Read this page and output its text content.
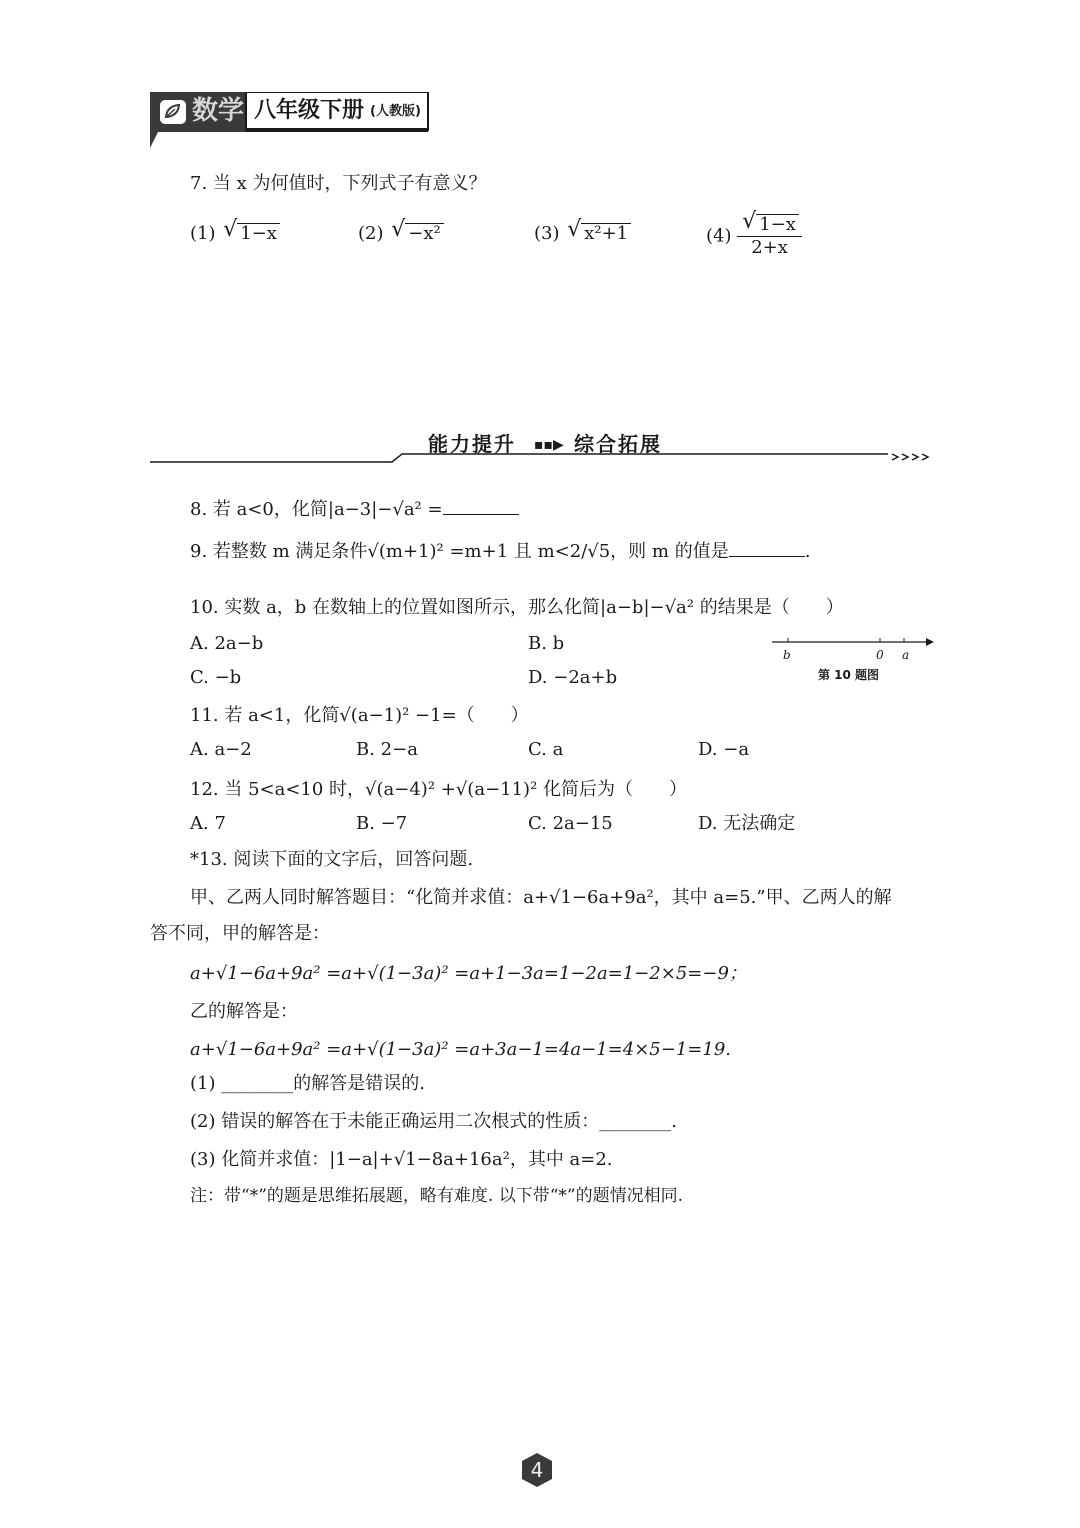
数学 八年级下册 (人教版)
7. 当 x 为何值时，下列式子有意义？
(1) √ 1−x	(2) √ −x²	(3) √ x²+1	$(4) \frac{√ 1-x}{2+x}$
能力提升 ▪▪▶ 综合拓展
8. 若 a<0，化简|a−3|−√a² =
9. 若整数 m 满足条件√(m+1)² =m+1 且 m<2/√5，则 m 的值是	.
10. 实数 a，b 在数轴上的位置如图所示，那么化简|a−b|−√a² 的结果是（　　）
A. 2a−b	B. b
C. −b	D. −2a+b
b	0 a
第 10 题图
11. 若 a<1，化简√(a−1)² −1=（　　）
A. a−2	B. 2−a	C. a	D. −a
12. 当 5<a<10 时，√(a−4)² +√(a−11)² 化简后为（　　）
A. 7	B. −7	C. 2a−15	D. 无法确定
*13. 阅读下面的文字后，回答问题.
甲、乙两人同时解答题目：“化简并求值：a+√1−6a+9a²，其中 a=5.”甲、乙两人的解
答不同，甲的解答是：
a+√1−6a+9a² =a+√(1−3a)² =a+1−3a=1−2a=1−2×5=−9；
乙的解答是：
a+√1−6a+9a² =a+√(1−3a)² =a+3a−1=4a−1=4×5−1=19.
(1) ________的解答是错误的.
(2) 错误的解答在于未能正确运用二次根式的性质：________.
(3) 化简并求值：|1−a|+√1−8a+16a²，其中 a=2.
注：带“*”的题是思维拓展题，略有难度. 以下带“*”的题情况相同.
4
